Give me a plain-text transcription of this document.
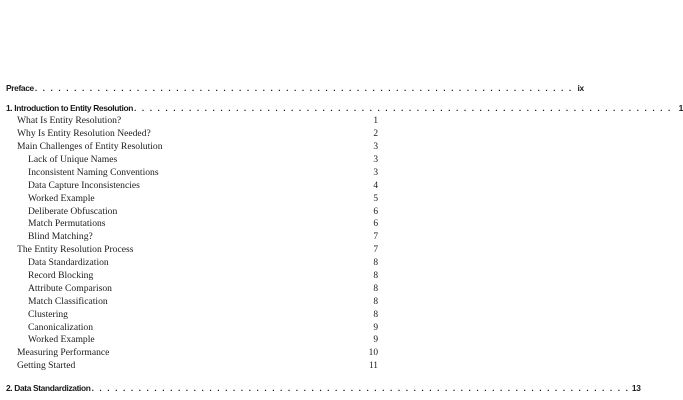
Preface . . . . . . . . . . . . . . . . . . . . . . . . . . . . . . . . . . . . . . . . . . . . . . . . . . . . . . . . . . . . . . . . . . . . . ix
1. Introduction to Entity Resolution . . . . . . . . . . . . . . . . . . . . . . . . . . . . . . . . . . . . . . . . . . . . . . . . . . . . . . . . . . . . . . . . . . . . . 1
What Is Entity Resolution?	1
Why Is Entity Resolution Needed?	2
Main Challenges of Entity Resolution	3
Lack of Unique Names	3
Inconsistent Naming Conventions	3
Data Capture Inconsistencies	4
Worked Example	5
Deliberate Obfuscation	6
Match Permutations	6
Blind Matching?	7
The Entity Resolution Process	7
Data Standardization	8
Record Blocking	8
Attribute Comparison	8
Match Classification	8
Clustering	8
Canonicalization	9
Worked Example	9
Measuring Performance	10
Getting Started	11
2. Data Standardization . . . . . . . . . . . . . . . . . . . . . . . . . . . . . . . . . . . . . . . . . . . . . . . . . . . . . . . . . . . . . . . . . . . . . 13
